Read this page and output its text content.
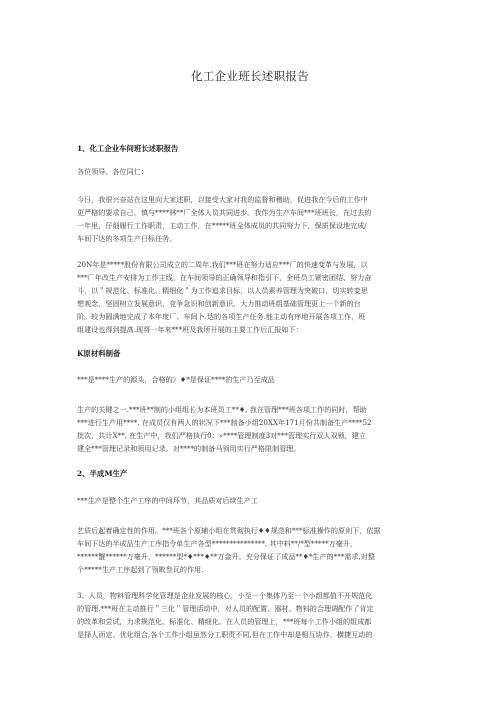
化工企业班长述职报告
1、化工企业车间班长述职报告
各位领导、各位同仁：
今日，我很兴奋站在这里向大家述职，以接受大家对我的监督和稽助，促进我在今后的工作中
更严格的要求自己，慎与****林**厂全体人员共同进步。我作为生产车间***班班长，在过去的
一年里，仔细履行工作职责，主动工作，在*****班全体成员的共同努力下，保质保设地完成/
车间下达的冬项生产日标任务。
20N年是*****股份有限公司成立的二周年,我们***班在努力适应***厂的快速变革与发展，以
***厂年改生产安排为工作主线，在车间领导的正确领导和指引下，全班员工紧密团结、努力奋
斗，以＂规范化、标准化、精细化＂为工作追求目标，以人员素养管理为突破口，切实转变思
想观念，坚固树立发展意识、竞争急识和创新意识，大力推动班组基础管理更上一个新的台
阶。较为圆满地完成了本年度厂、车间卜.达的各项生产任务.能主动有序地开展各项工作，班
组建设也得到提高.现将一年来***班及我所开展的主要工作后汇报如下：
K原材料制备
***是****生产的源头，合格的》♦*是保证****的生产乃至成品
生产的关键之一.***班**制的小组组长为本班员工**♦, 我在管理***班各项工作的同时，帮助
***进行生产用****. 在成员仅有两人的状况下***制备小组20XX年171月份共制备生产****52
批次，共计X**, 在生产中，我们严格执行0：»****管理制度3对***管理实行双人双锁，建立
建全***管理记录和领用记录。对****的制备马领用实行严格限制管理。
2、半成M生产
***生产是整个生产工序的中间环节，其品质对后续生产工
艺质后起着确定性的作用。***班各个原辅小组在贯彻执行♦♦规范和***标准操作的原则下，依据
车间下达的半成品生产工序指令单生产各型***************, 其中料**/*型*****万毫升，
******蟹******万毫升，******型*♦***♦**万金升。充分保证了成品**♦*生产的***需求,对整
个*****生产工序起到了领畋叁瓦的作用.
3、人员，物料管理科学化管理是企业发展的核心，小至一个集体乃至一个小组都值不开规范化
的管理.***班在主动推行＂三化＂管理活动中，对人员的配置、器材、物料的合理调配作了肯定
的改革和尝试，力求规范化、标准化、精细化。在人员的管理上，***班每个工作小组的组成都
是择人而定、优化组合,各个工作小组虽然分工职责不同,但在工作中却是相互协作，横捷互动的
